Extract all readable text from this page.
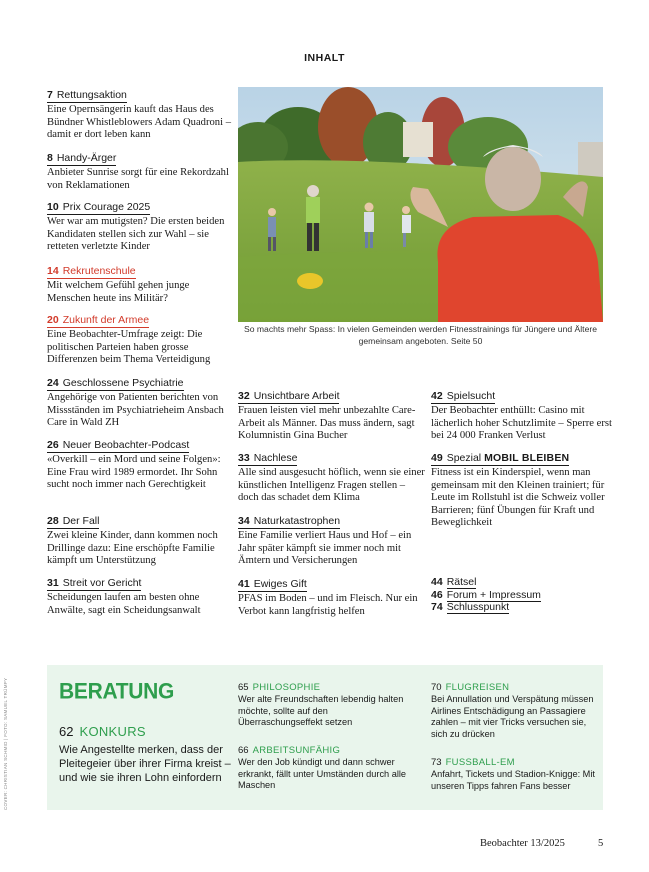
INHALT
7 Rettungsaktion
Eine Opernsängerin kauft das Haus des Bündner Whistleblowers Adam Quadroni – damit er dort leben kann
8 Handy-Ärger
Anbieter Sunrise sorgt für eine Rekordzahl von Reklamationen
10 Prix Courage 2025
Wer war am mutigsten? Die ersten beiden Kandidaten stellen sich zur Wahl – sie retteten verletzte Kinder
14 Rekrutenschule
Mit welchem Gefühl gehen junge Menschen heute ins Militär?
20 Zukunft der Armee
Eine Beobachter-Umfrage zeigt: Die politischen Parteien haben grosse Differenzen beim Thema Verteidigung
24 Geschlossene Psychiatrie
Angehörige von Patienten berichten von Missständen im Psychiatrieheim Ansbach Care in Wald ZH
26 Neuer Beobachter-Podcast
«Overkill – ein Mord und seine Folgen»: Eine Frau wird 1989 ermordet. Ihr Sohn sucht noch immer nach Gerechtigkeit
28 Der Fall
Zwei kleine Kinder, dann kommen noch Drillinge dazu: Eine erschöpfte Familie kämpft um Unterstützung
31 Streit vor Gericht
Scheidungen laufen am besten ohne Anwälte, sagt ein Scheidungsanwalt
So machts mehr Spass: In vielen Gemeinden werden Fitnesstrainings für Jüngere und Ältere gemeinsam angeboten. Seite 50
32 Unsichtbare Arbeit
Frauen leisten viel mehr unbezahlte Care-Arbeit als Männer. Das muss ändern, sagt Kolumnistin Gina Bucher
33 Nachlese
Alle sind ausgesucht höflich, wenn sie einer künstlichen Intelligenz Fragen stellen – doch das schadet dem Klima
34 Naturkatastrophen
Eine Familie verliert Haus und Hof – ein Jahr später kämpft sie immer noch mit Ämtern und Versicherungen
41 Ewiges Gift
PFAS im Boden – und im Fleisch. Nur ein Verbot kann langfristig helfen
42 Spielsucht
Der Beobachter enthüllt: Casino mit lächerlich hoher Schutzlimite – Sperre erst bei 24 000 Franken Verlust
49 Spezial MOBIL BLEIBEN
Fitness ist ein Kinderspiel, wenn man gemeinsam mit den Kleinen trainiert; für Leute im Rollstuhl ist die Schweiz voller Barrieren; fünf Übungen für Kraft und Beweglichkeit
44 Rätsel
46 Forum + Impressum
74 Schlusspunkt
BERATUNG
62 KONKURS
Wie Angestellte merken, dass der Pleitegeier über ihrer Firma kreist – und wie sie ihren Lohn einfordern
65 PHILOSOPHIE
Wer alte Freundschaften lebendig halten möchte, sollte auf den Überraschungseffekt setzen
66 ARBEITSUNFÄHIG
Wer den Job kündigt und dann schwer erkrankt, fällt unter Umständen durch alle Maschen
70 FLUGREISEN
Bei Annullation und Verspätung müssen Airlines Entschädigung an Passagiere zahlen – mit vier Tricks versuchen sie, sich zu drücken
73 FUSSBALL-EM
Anfahrt, Tickets und Stadion-Knigge: Mit unseren Tipps fahren Fans besser
COVER: CHRISTIAN SCHMID | FOTO: SAMUEL TRÜMPY
Beobachter 13/2025	5
